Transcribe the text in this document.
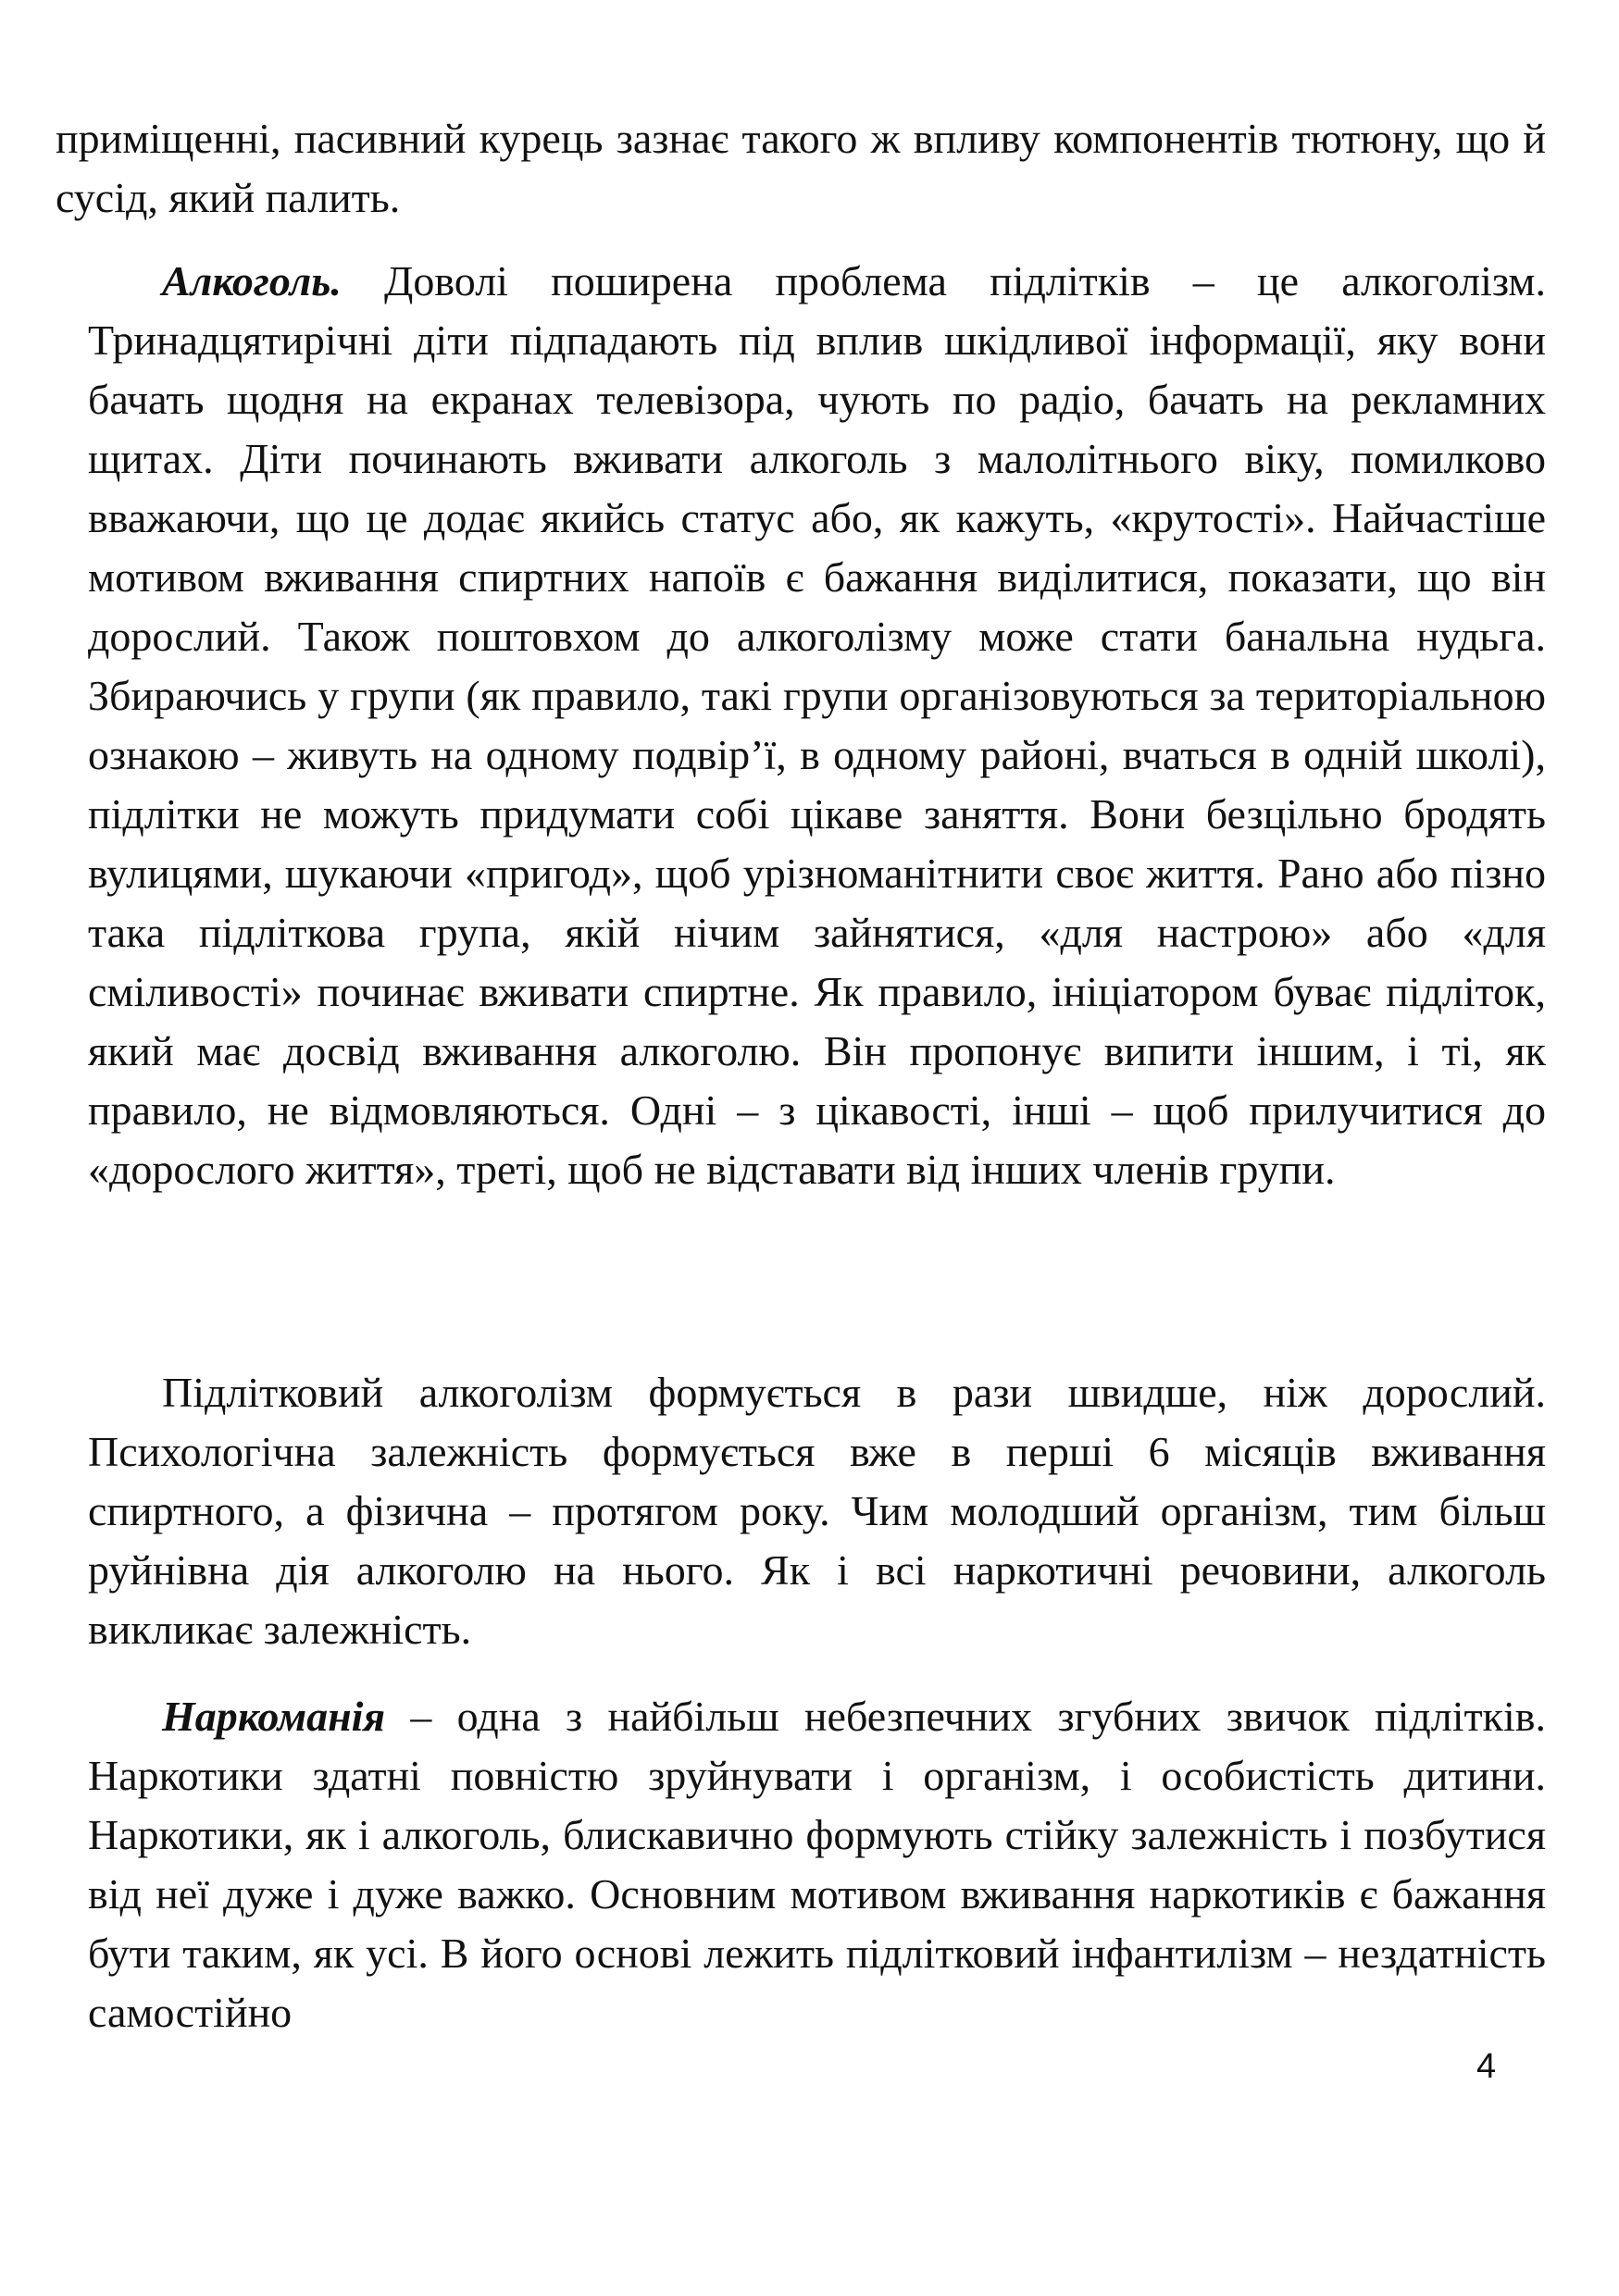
приміщенні, пасивний курець зазнає такого ж впливу компонентів тютюну, що й сусід, який палить.

Алкоголь. Доволі поширена проблема підлітків – це алкоголізм. Тринадцятирічні діти підпадають під вплив шкідливої інформації, яку вони бачать щодня на екранах телевізора, чують по радіо, бачать на рекламних щитах. Діти починають вживати алкоголь з малолітнього віку, помилково вважаючи, що це додає якийсь статус або, як кажуть, «крутості». Найчастіше мотивом вживання спиртних напоїв є бажання виділитися, показати, що він дорослий. Також поштовхом до алкоголізму може стати банальна нудьга. Збираючись у групи (як правило, такі групи організовуються за територіальною ознакою – живуть на одному подвір’ї, в одному районі, вчаться в одній школі), підлітки не можуть придумати собі цікаве заняття. Вони безцільно бродять вулицями, шукаючи «пригод», щоб урізноманітнити своє життя. Рано або пізно така підліткова група, якій нічим зайнятися, «для настрою» або «для сміливості» починає вживати спиртне. Як правило, ініціатором буває підліток, який має досвід вживання алкоголю. Він пропонує випити іншим, і ті, як правило, не відмовляються. Одні – з цікавості, інші – щоб прилучитися до «дорослого життя», треті, щоб не відставати від інших членів групи.

Підлітковий алкоголізм формується в рази швидше, ніж дорослий. Психологічна залежність формується вже в перші 6 місяців вживання спиртного, а фізична – протягом року. Чим молодший організм, тим більш руйнівна дія алкоголю на нього. Як і всі наркотичні речовини, алкоголь викликає залежність.

Наркоманія – одна з найбільш небезпечних згубних звичок підлітків. Наркотики здатні повністю зруйнувати і організм, і особистість дитини. Наркотики, як і алкоголь, блискавично формують стійку залежність і позбутися від неї дуже і дуже важко. Основним мотивом вживання наркотиків є бажання бути таким, як усі. В його основі лежить підлітковий інфантилізм – нездатність самостійно

4
